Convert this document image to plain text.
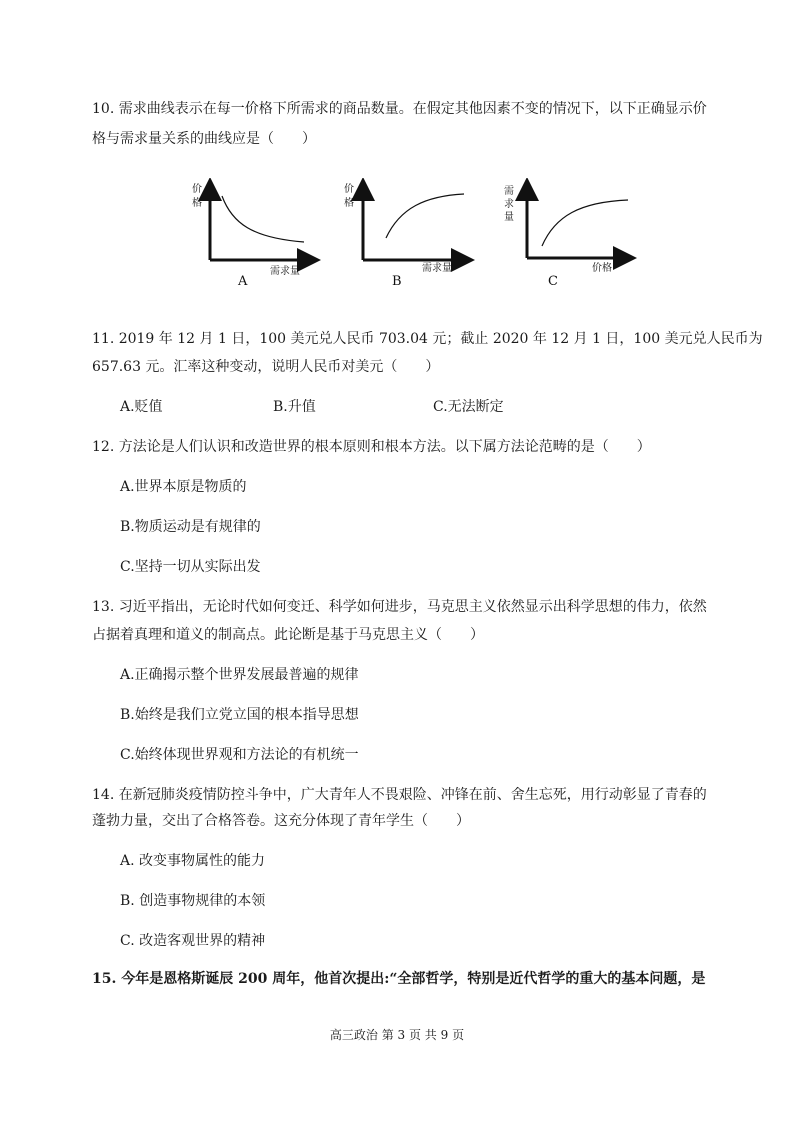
10. 需求曲线表示在每一价格下所需求的商品数量。在假定其他因素不变的情况下，以下正确显示价
格与需求量关系的曲线应是（　　）
价格
需求量
A
价格
需求量
B
需求量
价格
C
11. 2019 年 12 月 1 日，100 美元兑人民币 703.04 元；截止 2020 年 12 月 1 日，100 美元兑人民币为
657.63 元。汇率这种变动，说明人民币对美元（　　）
A.贬值	B.升值	C.无法断定
12. 方法论是人们认识和改造世界的根本原则和根本方法。以下属方法论范畴的是（　　）
A.世界本原是物质的
B.物质运动是有规律的
C.坚持一切从实际出发
13. 习近平指出，无论时代如何变迁、科学如何进步，马克思主义依然显示出科学思想的伟力，依然
占据着真理和道义的制高点。此论断是基于马克思主义（　　）
A.正确揭示整个世界发展最普遍的规律
B.始终是我们立党立国的根本指导思想
C.始终体现世界观和方法论的有机统一
14. 在新冠肺炎疫情防控斗争中，广大青年人不畏艰险、冲锋在前、舍生忘死，用行动彰显了青春的
蓬勃力量，交出了合格答卷。这充分体现了青年学生（　　）
A. 改变事物属性的能力
B. 创造事物规律的本领
C. 改造客观世界的精神
15. 今年是恩格斯诞辰 200 周年，他首次提出:“全部哲学，特别是近代哲学的重大的基本问题，是
高三政治 第 3 页 共 9 页
